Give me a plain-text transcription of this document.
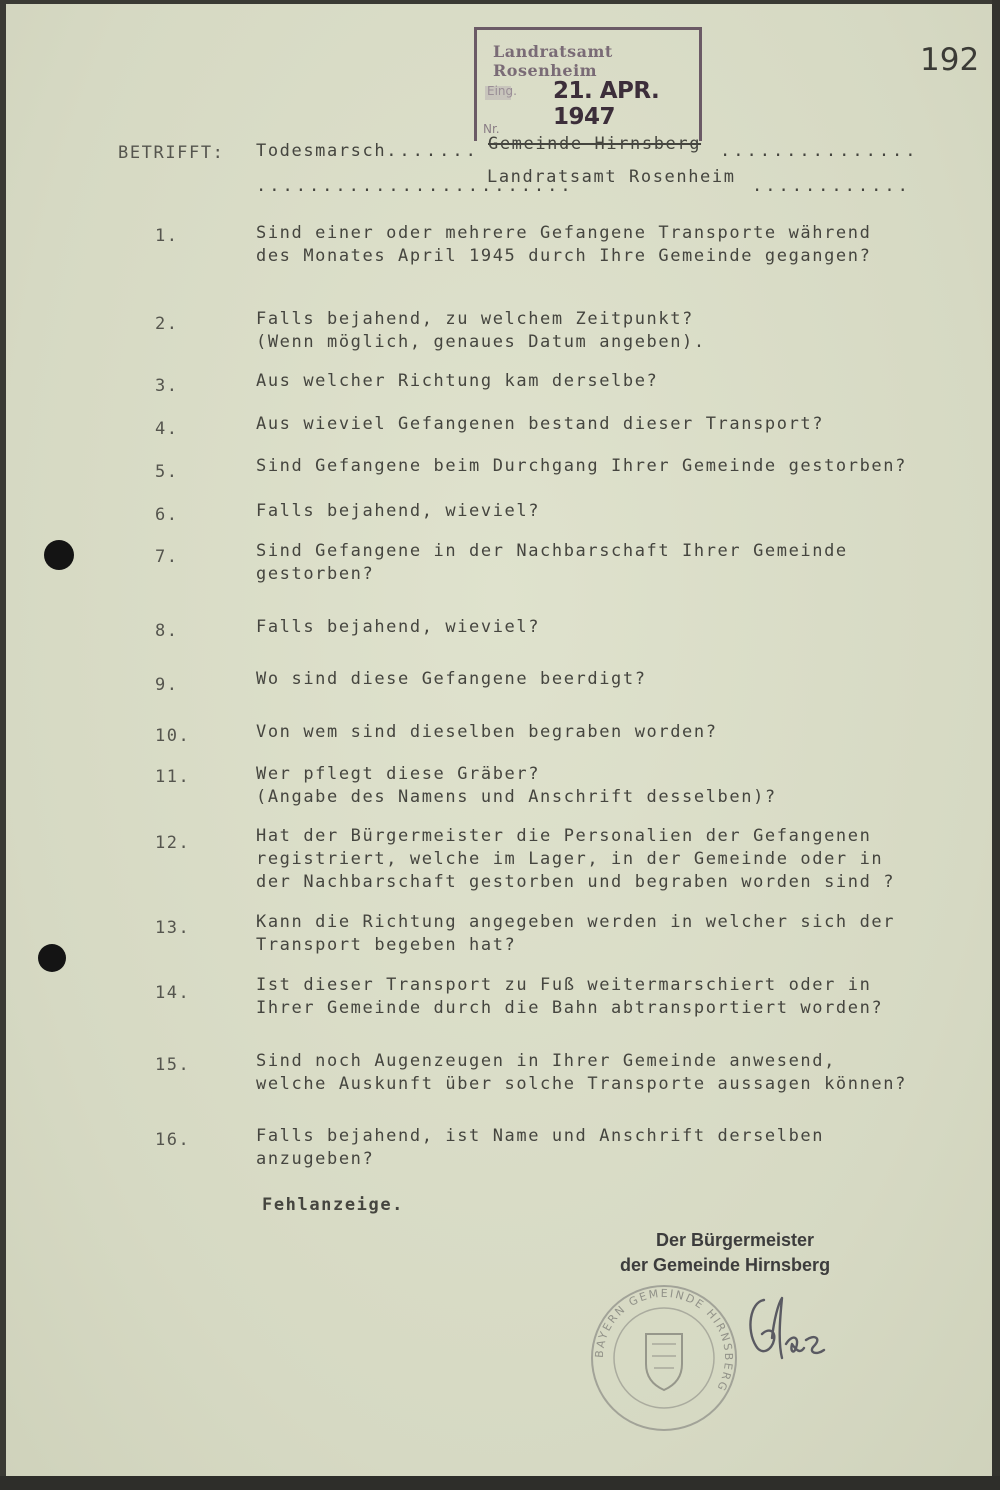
192
Landratsamt Rosenheim
Eing. 21. APR. 1947
Nr.
BETRIFFT: Todesmarsch....... Gemeinde Hirnsberg ...............
........................
Landratsamt Rosenheim ............
1.	Sind einer oder mehrere Gefangene Transporte während
des Monates April 1945 durch Ihre Gemeinde gegangen?
2.	Falls bejahend, zu welchem Zeitpunkt?
(Wenn möglich, genaues Datum angeben).
3.	Aus welcher Richtung kam derselbe?
4.	Aus wieviel Gefangenen bestand dieser Transport?
5.	Sind Gefangene beim Durchgang Ihrer Gemeinde gestorben?
6.	Falls bejahend, wieviel?
7.	Sind Gefangene in der Nachbarschaft Ihrer Gemeinde
gestorben?
8.	Falls bejahend, wieviel?
9.	Wo sind diese Gefangene beerdigt?
10.	Von wem sind dieselben begraben worden?
11.	Wer pflegt diese Gräber?
(Angabe des Namens und Anschrift desselben)?
12.	Hat der Bürgermeister die Personalien der Gefangenen
registriert, welche im Lager, in der Gemeinde oder in
der Nachbarschaft gestorben und begraben worden sind ?
13.	Kann die Richtung angegeben werden in welcher sich der
Transport begeben hat?
14.	Ist dieser Transport zu Fuß weitermarschiert oder in
Ihrer Gemeinde durch die Bahn abtransportiert worden?
15.	Sind noch Augenzeugen in Ihrer Gemeinde anwesend,
welche Auskunft über solche Transporte aussagen können?
16.	Falls bejahend, ist Name und Anschrift derselben
anzugeben?
Fehlanzeige.
Der Bürgermeister
der Gemeinde Hirnsberg
BAYERN GEMEINDE HIRNSBERG
